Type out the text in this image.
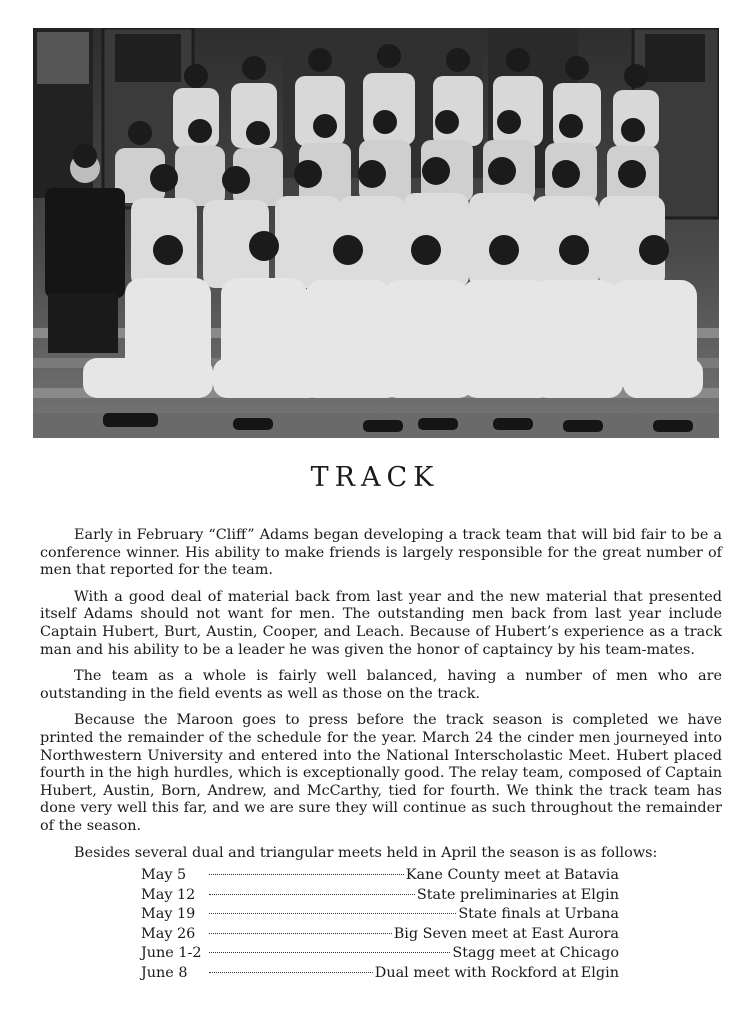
TRACK

Early in February “Cliff” Adams began developing a track team that will bid fair to be a conference winner. His ability to make friends is largely responsible for the great number of men that reported for the team.

With a good deal of material back from last year and the new material that presented itself Adams should not want for men. The outstanding men back from last year include Captain Hubert, Burt, Austin, Cooper, and Leach. Because of Hubert’s experience as a track man and his ability to be a leader he was given the honor of captaincy by his team-mates.

The team as a whole is fairly well balanced, having a number of men who are outstanding in the field events as well as those on the track.

Because the Maroon goes to press before the track season is completed we have printed the remainder of the schedule for the year. March 24 the cinder men journeyed into Northwestern University and entered into the National Interscholastic Meet. Hubert placed fourth in the high hurdles, which is exceptionally good. The relay team, composed of Captain Hubert, Austin, Born, Andrew, and McCarthy, tied for fourth. We think the track team has done very well this far, and we are sure they will continue as such throughout the remainder of the season.

Besides several dual and triangular meets held in April the season is as follows:

May 5	Kane County meet at Batavia
May 12	State preliminaries at Elgin
May 19	State finals at Urbana
May 26	Big Seven meet at East Aurora
June 1-2	Stagg meet at Chicago
June 8	Dual meet with Rockford at Elgin
